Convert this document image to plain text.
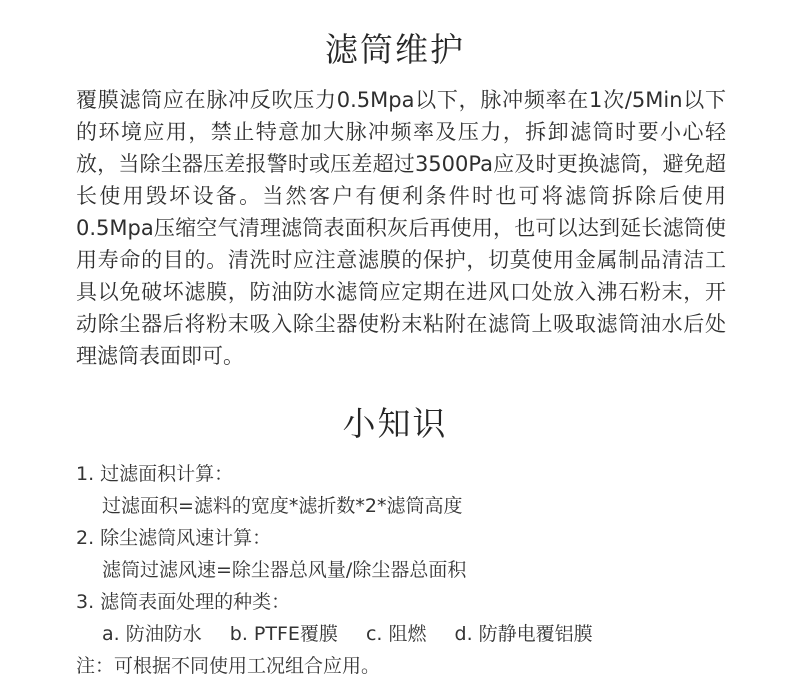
滤筒维护
覆膜滤筒应在脉冲反吹压力0.5Mpa以下，脉冲频率在1次/5Min以下的环境应用，禁止特意加大脉冲频率及压力，拆卸滤筒时要小心轻放，当除尘器压差报警时或压差超过3500Pa应及时更换滤筒，避免超长使用毁坏设备。当然客户有便利条件时也可将滤筒拆除后使用0.5Mpa压缩空气清理滤筒表面积灰后再使用，也可以达到延长滤筒使用寿命的目的。清洗时应注意滤膜的保护，切莫使用金属制品清洁工具以免破坏滤膜，防油防水滤筒应定期在进风口处放入沸石粉末，开动除尘器后将粉末吸入除尘器使粉末粘附在滤筒上吸取滤筒油水后处理滤筒表面即可。
小知识
1. 过滤面积计算：
过滤面积=滤料的宽度*滤折数*2*滤筒高度
2. 除尘滤筒风速计算：
滤筒过滤风速=除尘器总风量/除尘器总面积
3. 滤筒表面处理的种类：
a. 防油防水 b. PTFE覆膜 c. 阻燃 d. 防静电覆铝膜
注：可根据不同使用工况组合应用。
